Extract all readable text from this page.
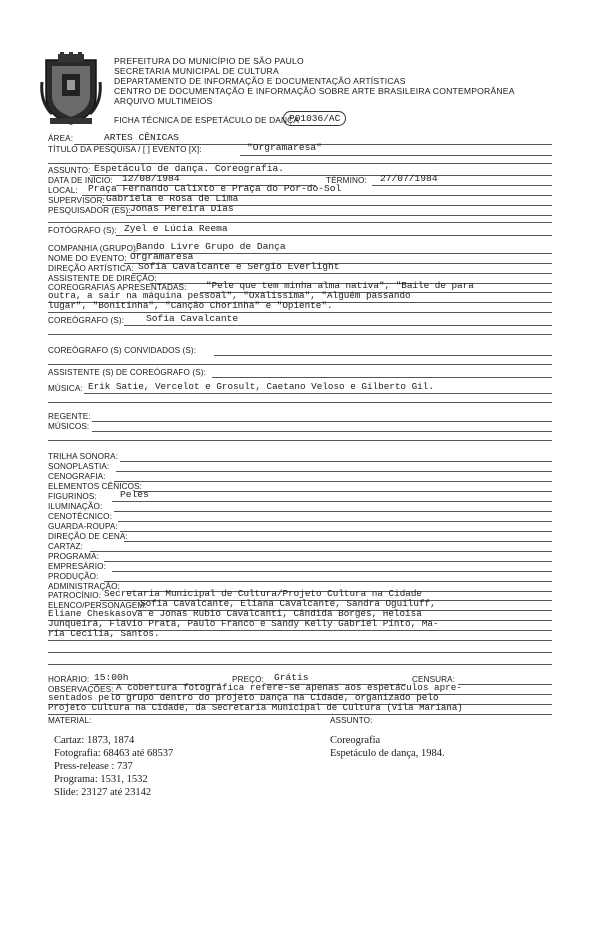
PREFEITURA DO MUNICÍPIO DE SÃO PAULO
SECRETARIA MUNICIPAL DE CULTURA
DEPARTAMENTO DE INFORMAÇÃO E DOCUMENTAÇÃO ARTÍSTICAS
CENTRO DE DOCUMENTAÇÃO E INFORMAÇÃO SOBRE ARTE BRASILEIRA CONTEMPORÂNEA
ARQUIVO MULTIMEIOS
FICHA TÉCNICA DE ESPETÁCULO DE DANÇA
P01036/AC
ÁREA:	ARTES CÊNICAS
TÍTULO DA PESQUISA / [ ] EVENTO [X]:	"Orgramaresa"
ASSUNTO: Espetáculo de dança. Coreografia.
DATA DE INÍCIO: 12/08/1984	TÉRMINO: 27/07/1984
LOCAL: Praça Fernando Calixto e Praça do Por-do-Sol
SUPERVISOR: Gabriela e Rosa de Lima
PESQUISADOR (ES): Jonas Pereira Dias
FOTÓGRAFO (S): Zyel e Lúcia Reema
COMPANHIA (GRUPO):
Bando Livre Grupo de Dança
NOME DO EVENTO: Orgramaresa
DIREÇÃO ARTÍSTICA: Sofia Cavalcante e Sergio Everlight
ASSISTENTE DE DIREÇÃO:
COREOGRAFIAS APRESENTADAS: "Pele que tem minha alma nativa", "Baile de para
outra, a sair na máquina pessoal", "Oxalissima", "Alguém passando
lugar", "Bonitinha", "Canção Chorinha" e "Opiente".
COREÓGRAFO (S): Sofia Cavalcante
COREÓGRAFO (S) CONVIDADOS (S):
ASSISTENTE (S) DE COREÓGRAFO (S):
MÚSICA: Erik Satie, Vercelot e Grosult, Caetano Veloso e Gilberto Gil.
REGENTE:
MÚSICOS:
TRILHA SONORA:
SONOPLASTIA:
CENOGRAFIA:
ELEMENTOS CÊNICOS:
FIGURINOS: Peles
ILUMINAÇÃO:
CENOTÉCNICO:
GUARDA-ROUPA:
DIREÇÃO DE CENA:
CARTAZ:
PROGRAMA:
EMPRESÁRIO:
PRODUÇÃO:
ADMINISTRAÇÃO:
PATROCÍNIO: Secretaria Municipal de Cultura/Projeto Cultura na Cidade
ELENCO/PERSONAGEM:
Sofia Cavalcante, Eliana Cavalcante, Sandra Oguiluff,
Eliane Cheskasova e Jonas Rubio Cavalcanti, Cândida Borges, Heloisa
Junqueira, Flavio Prata, Paulo Franco e Sandy Kelly Gabriel Pinto, Ma-
ria Cecília, Santos.
HORÁRIO: 15:00h	PREÇO: Grátis	CENSURA:
OBSERVAÇÕES: A cobertura fotográfica refere-se apenas aos espetáculos apre-
sentados pelo grupo dentro do projeto Dança na Cidade, organizado pelo
Projeto Cultura na Cidade, da Secretaria Municipal de Cultura (Vila Mariana)
MATERIAL:	ASSUNTO:
Cartaz: 1873, 1874
Fotografia: 68463 até 68537
Press-release : 737
Programa: 1531, 1532
Slide: 23127 até 23142
Coreografia
Espetáculo de dança, 1984.
